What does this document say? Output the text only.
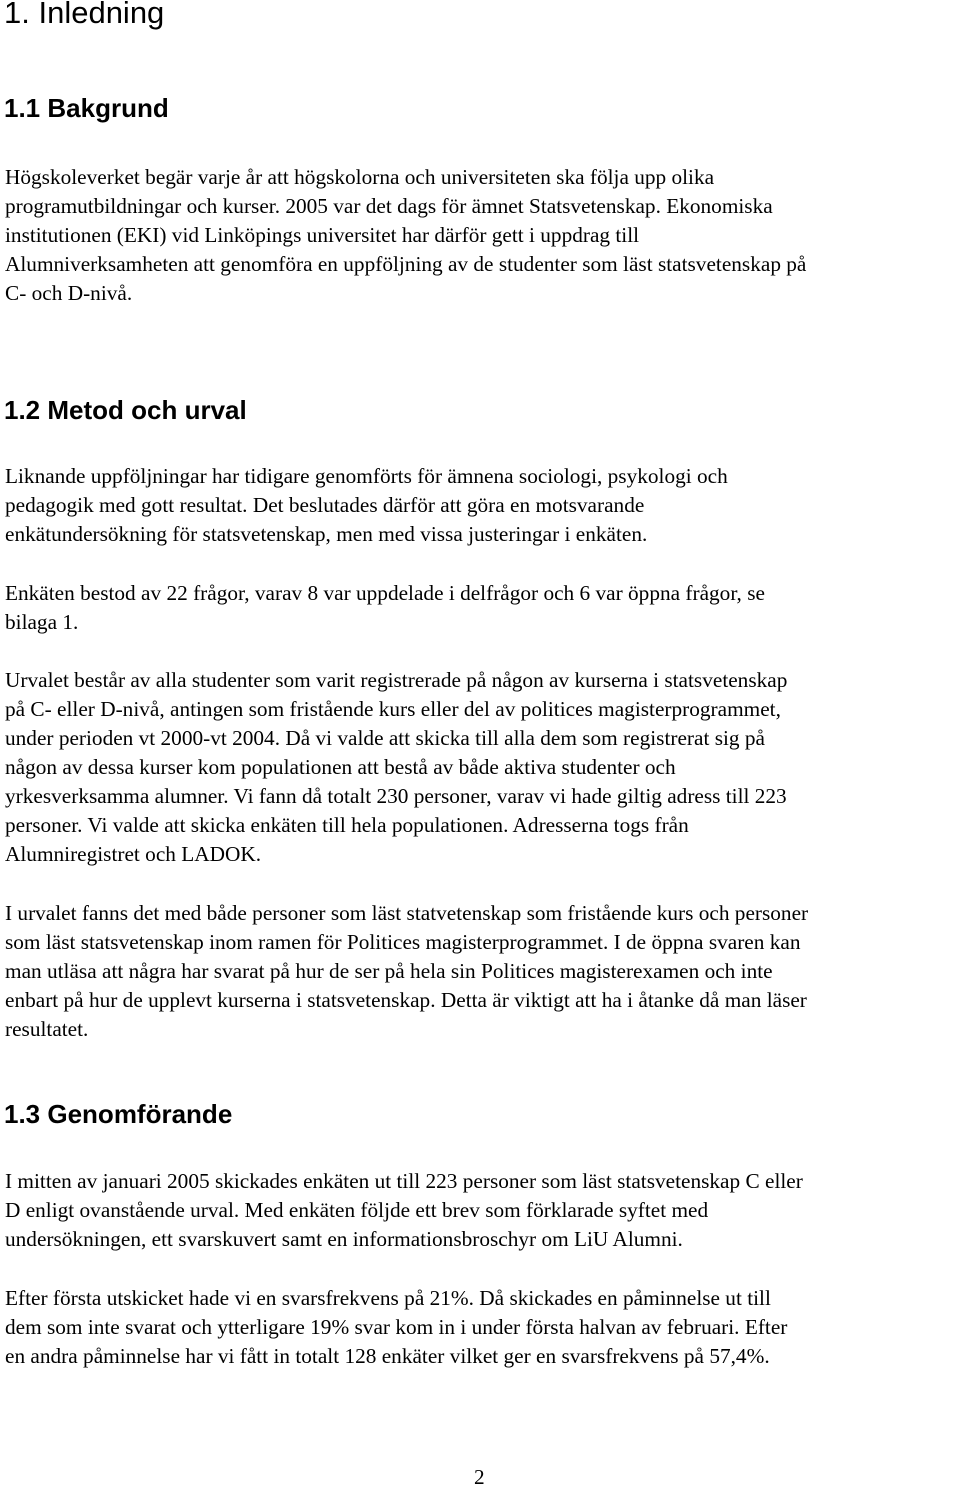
1. Inledning
1.1 Bakgrund

Högskoleverket begär varje år att högskolorna och universiteten ska följa upp olika
programutbildningar och kurser. 2005 var det dags för ämnet Statsvetenskap. Ekonomiska
institutionen (EKI) vid Linköpings universitet har därför gett i uppdrag till
Alumniverksamheten att genomföra en uppföljning av de studenter som läst statsvetenskap på
C- och D-nivå.

1.2 Metod och urval

Liknande uppföljningar har tidigare genomförts för ämnena sociologi, psykologi och
pedagogik med gott resultat. Det beslutades därför att göra en motsvarande
enkätundersökning för statsvetenskap, men med vissa justeringar i enkäten.

Enkäten bestod av 22 frågor, varav 8 var uppdelade i delfrågor och 6 var öppna frågor, se
bilaga 1.

Urvalet består av alla studenter som varit registrerade på någon av kurserna i statsvetenskap
på C- eller D-nivå, antingen som fristående kurs eller del av politices magisterprogrammet,
under perioden vt 2000-vt 2004. Då vi valde att skicka till alla dem som registrerat sig på
någon av dessa kurser kom populationen att bestå av både aktiva studenter och
yrkesverksamma alumner. Vi fann då totalt 230 personer, varav vi hade giltig adress till 223
personer. Vi valde att skicka enkäten till hela populationen. Adresserna togs från
Alumniregistret och LADOK.

I urvalet fanns det med både personer som läst statvetenskap som fristående kurs och personer
som läst statsvetenskap inom ramen för Politices magisterprogrammet. I de öppna svaren kan
man utläsa att några har svarat på hur de ser på hela sin Politices magisterexamen och inte
enbart på hur de upplevt kurserna i statsvetenskap. Detta är viktigt att ha i åtanke då man läser
resultatet.

1.3 Genomförande

I mitten av januari 2005 skickades enkäten ut till 223 personer som läst statsvetenskap C eller
D enligt ovanstående urval. Med enkäten följde ett brev som förklarade syftet med
undersökningen, ett svarskuvert samt en informationsbroschyr om LiU Alumni.

Efter första utskicket hade vi en svarsfrekvens på 21%. Då skickades en påminnelse ut till
dem som inte svarat och ytterligare 19% svar kom in i under första halvan av februari. Efter
en andra påminnelse har vi fått in totalt 128 enkäter vilket ger en svarsfrekvens på 57,4%.

2
